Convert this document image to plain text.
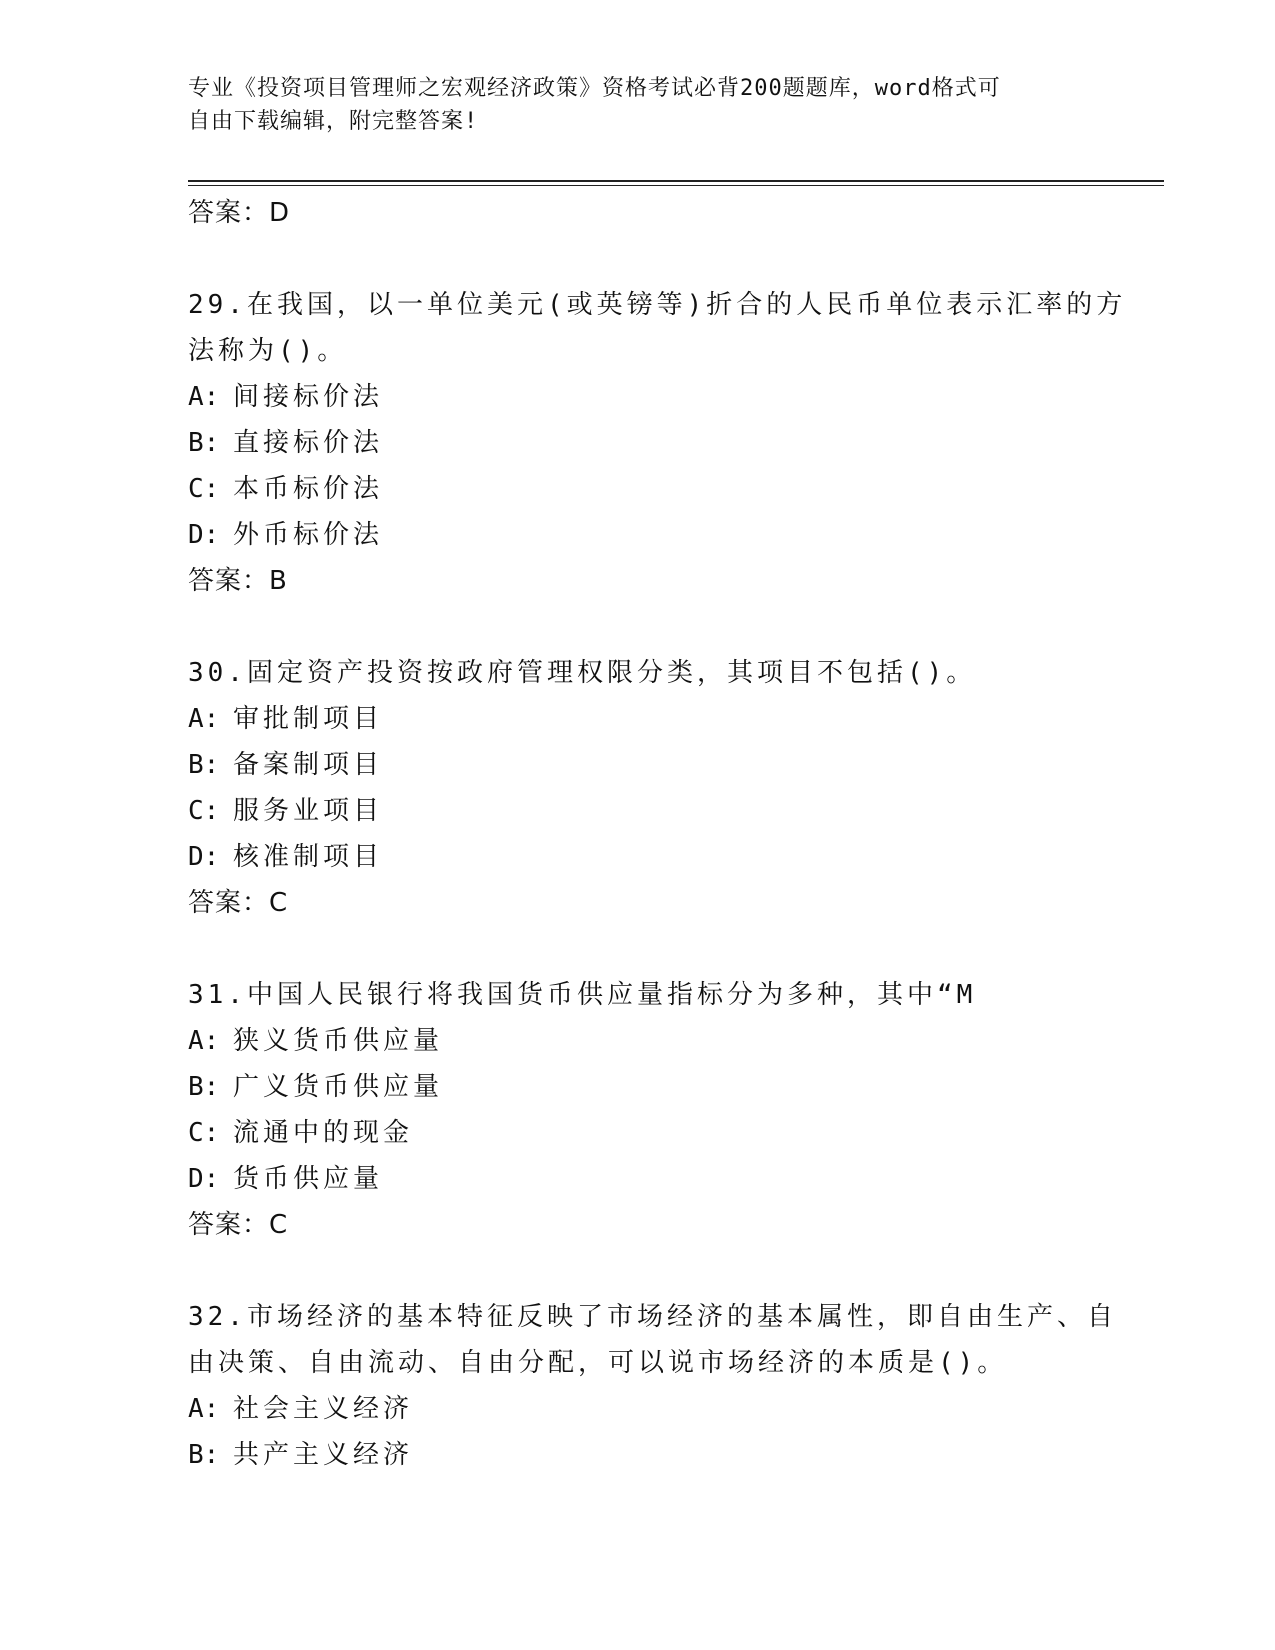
专业《投资项目管理师之宏观经济政策》资格考试必背200题题库，word格式可
自由下载编辑，附完整答案!
答案：D
29.在我国，以一单位美元(或英镑等)折合的人民币单位表示汇率的方
法称为()。
A: 间接标价法
B: 直接标价法
C: 本币标价法
D: 外币标价法
答案：B
30.固定资产投资按政府管理权限分类，其项目不包括()。
A: 审批制项目
B: 备案制项目
C: 服务业项目
D: 核准制项目
答案：C
31.中国人民银行将我国货币供应量指标分为多种，其中“M
A: 狭义货币供应量
B: 广义货币供应量
C: 流通中的现金
D: 货币供应量
答案：C
32.市场经济的基本特征反映了市场经济的基本属性，即自由生产、自
由决策、自由流动、自由分配，可以说市场经济的本质是()。
A: 社会主义经济
B: 共产主义经济
